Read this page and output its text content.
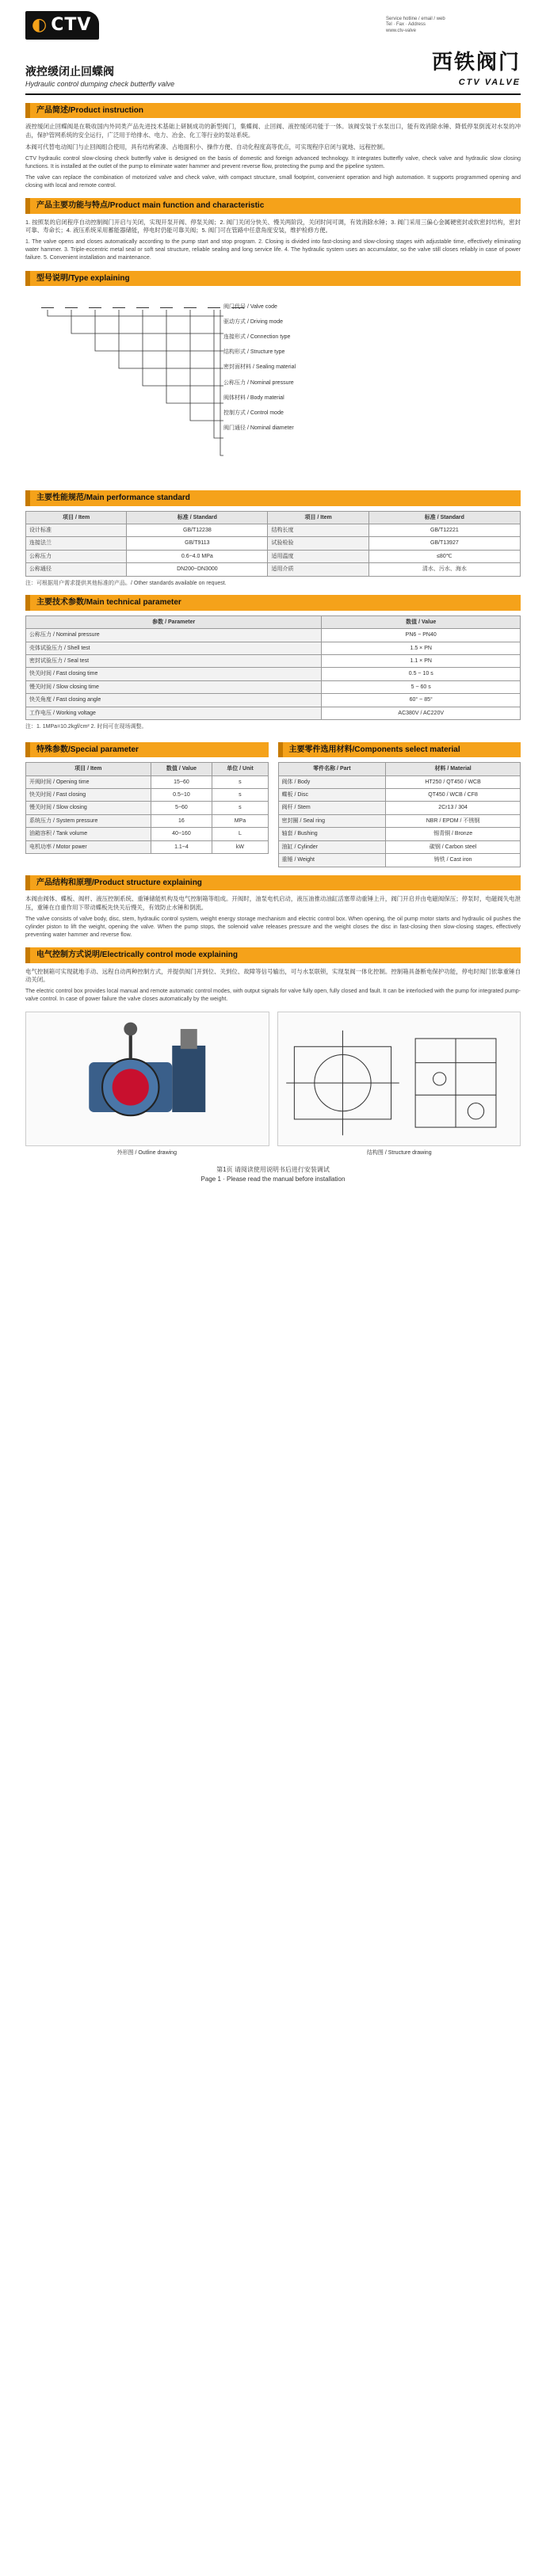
◐ CTV	Service hotline / email / web
Tel · Fax · Address
www.ctv-valve
液控缓闭止回蝶阀
Hydraulic control dumping check butterfly valve
西铁阀门
CTV VALVE
产品简述/Product instruction

液控缓闭止回蝶阀是在吸收国内外同类产品先进技术基础上研制成功的新型阀门，集蝶阀、止回阀、液控缓闭功能于一体。该阀安装于水泵出口，能有效消除水锤、降低停泵倒流对水泵的冲击，保护管网系统的安全运行，广泛用于给排水、电力、冶金、化工等行业的泵站系统。

本阀可代替电动阀门与止回阀组合使用，具有结构紧凑、占地面积小、操作方便、自动化程度高等优点，可实现程序启闭与就地、远程控制。

CTV hydraulic control slow-closing check butterfly valve is designed on the basis of domestic and foreign advanced technology. It integrates butterfly valve, check valve and hydraulic slow closing functions. It is installed at the outlet of the pump to eliminate water hammer and prevent reverse flow, protecting the pump and the pipeline system.

The valve can replace the combination of motorized valve and check valve, with compact structure, small footprint, convenient operation and high automation. It supports programmed opening and closing with local and remote control.

产品主要功能与特点/Product main function and characteristic

1. 按照泵的启闭程序自动控制阀门开启与关闭，实现开泵开阀、停泵关阀；2. 阀门关闭分快关、慢关两阶段，关闭时间可调，有效消除水锤；3. 阀门采用三偏心金属硬密封或软密封结构，密封可靠、寿命长；4. 液压系统采用蓄能器储能，停电时仍能可靠关阀；5. 阀门可在管路中任意角度安装，维护检修方便。

1. The valve opens and closes automatically according to the pump start and stop program. 2. Closing is divided into fast-closing and slow-closing stages with adjustable time, effectively eliminating water hammer. 3. Triple-eccentric metal seal or soft seal structure, reliable sealing and long service life. 4. The hydraulic system uses an accumulator, so the valve still closes reliably in case of power failure. 5. Convenient installation and maintenance.

型号说明/Type explaining
阀门代号 / Valve code
驱动方式 / Driving mode
连接形式 / Connection type
结构形式 / Structure type
密封面材料 / Sealing material
公称压力 / Nominal pressure
阀体材料 / Body material
控制方式 / Control mode
阀门通径 / Nominal diameter
主要性能规范/Main performance standard
项目 / Item	标准 / Standard	项目 / Item	标准 / Standard
设计标准	GB/T12238	结构长度	GB/T12221
连接法兰	GB/T9113	试验检验	GB/T13927
公称压力	0.6~4.0 MPa	适用温度	≤80℃
公称通径	DN200~DN3000	适用介质	清水、污水、海水
注：可根据用户需求提供其他标准的产品。/ Other standards available on request.
主要技术参数/Main technical parameter
参数 / Parameter	数值 / Value
公称压力 / Nominal pressure	PN6 ~ PN40
壳体试验压力 / Shell test	1.5 × PN
密封试验压力 / Seal test	1.1 × PN
快关时间 / Fast closing time	0.5 ~ 10 s
慢关时间 / Slow closing time	5 ~ 60 s
快关角度 / Fast closing angle	60° ~ 85°
工作电压 / Working voltage	AC380V / AC220V
注：1. 1MPa=10.2kgf/cm² 2. 时间可在现场调整。
特殊参数/Special parameter
项目 / Item	数值 / Value	单位 / Unit
开阀时间 / Opening time	15~60	s
快关时间 / Fast closing	0.5~10	s
慢关时间 / Slow closing	5~60	s
系统压力 / System pressure	16	MPa
油箱容积 / Tank volume	40~160	L
电机功率 / Motor power	1.1~4	kW
主要零件选用材料/Components select material
零件名称 / Part	材料 / Material
阀体 / Body	HT250 / QT450 / WCB
蝶板 / Disc	QT450 / WCB / CF8
阀杆 / Stem	2Cr13 / 304
密封圈 / Seal ring	NBR / EPDM / 不锈钢
轴套 / Bushing	锡青铜 / Bronze
油缸 / Cylinder	碳钢 / Carbon steel
重锤 / Weight	铸铁 / Cast iron
产品结构和原理/Product structure explaining

本阀由阀体、蝶板、阀杆、液压控制系统、重锤储能机构及电气控制箱等组成。开阀时，油泵电机启动，液压油推动油缸活塞带动重锤上升，阀门开启并由电磁阀保压；停泵时，电磁阀失电泄压，重锤在自重作用下带动蝶板先快关后慢关，有效防止水锤和倒流。

The valve consists of valve body, disc, stem, hydraulic control system, weight energy storage mechanism and electric control box. When opening, the oil pump motor starts and hydraulic oil pushes the cylinder piston to lift the weight, opening the valve. When the pump stops, the solenoid valve releases pressure and the weight closes the disc in fast-closing then slow-closing stages, effectively preventing water hammer and reverse flow.

电气控制方式说明/Electrically control mode explaining

电气控制箱可实现就地手动、远程自动两种控制方式，并提供阀门开到位、关到位、故障等信号输出，可与水泵联锁，实现泵阀一体化控制。控制箱具备断电保护功能，停电时阀门依靠重锤自动关闭。

The electric control box provides local manual and remote automatic control modes, with output signals for valve fully open, fully closed and fault. It can be interlocked with the pump for integrated pump-valve control. In case of power failure the valve closes automatically by the weight.

外形图 / Outline drawing	结构图 / Structure drawing
第1页 请阅读使用说明书后进行安装调试
Page 1 · Please read the manual before installation
